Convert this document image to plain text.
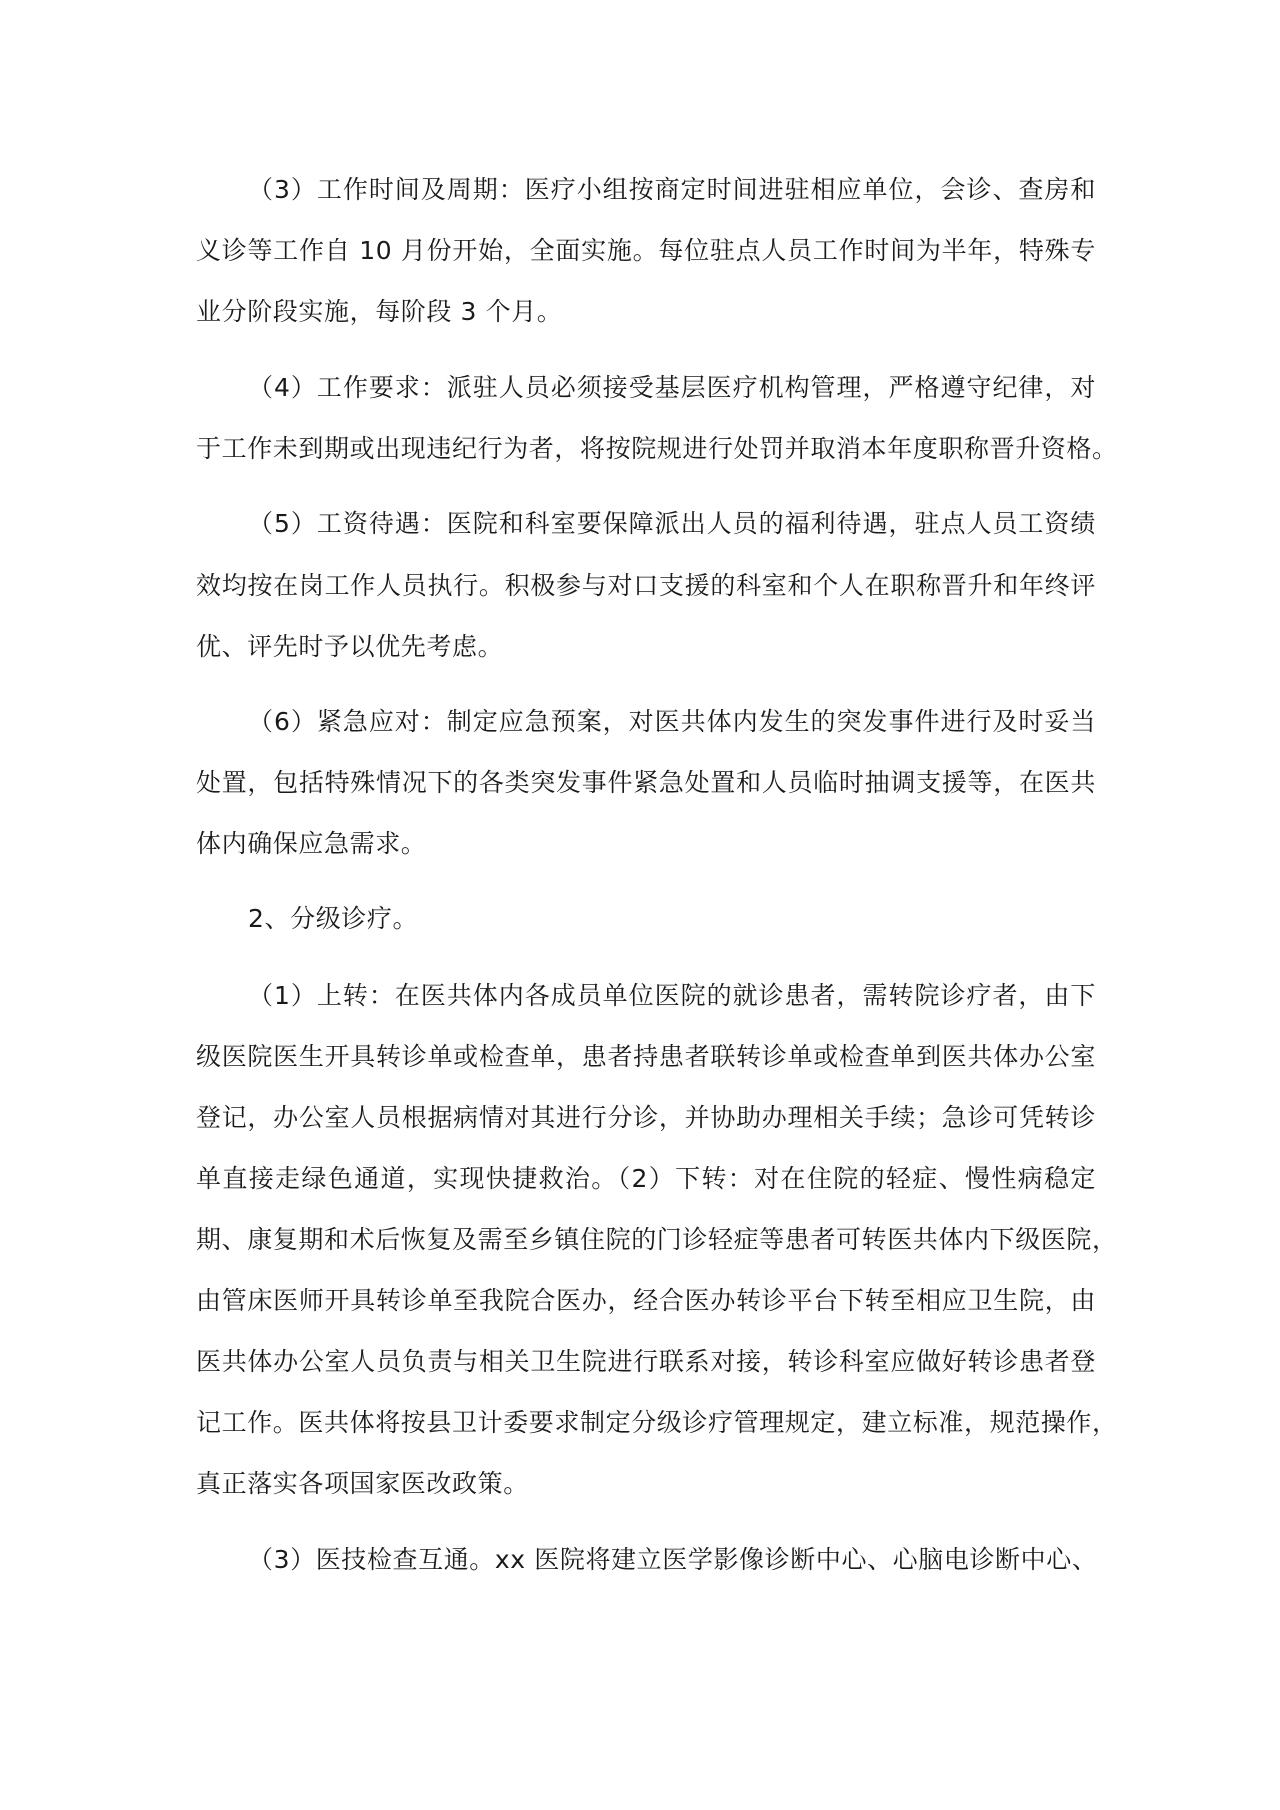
（3）工作时间及周期：医疗小组按商定时间进驻相应单位，会诊、查房和
义诊等工作自 10 月份开始，全面实施。每位驻点人员工作时间为半年，特殊专
业分阶段实施，每阶段 3 个月。
（4）工作要求：派驻人员必须接受基层医疗机构管理，严格遵守纪律，对
于工作未到期或出现违纪行为者，将按院规进行处罚并取消本年度职称晋升资格。
（5）工资待遇：医院和科室要保障派出人员的福利待遇，驻点人员工资绩
效均按在岗工作人员执行。积极参与对口支援的科室和个人在职称晋升和年终评
优、评先时予以优先考虑。
（6）紧急应对：制定应急预案，对医共体内发生的突发事件进行及时妥当
处置，包括特殊情况下的各类突发事件紧急处置和人员临时抽调支援等，在医共
体内确保应急需求。
2、分级诊疗。
（1）上转：在医共体内各成员单位医院的就诊患者，需转院诊疗者，由下
级医院医生开具转诊单或检查单，患者持患者联转诊单或检查单到医共体办公室
登记，办公室人员根据病情对其进行分诊，并协助办理相关手续；急诊可凭转诊
单直接走绿色通道，实现快捷救治。（2）下转：对在住院的轻症、慢性病稳定
期、康复期和术后恢复及需至乡镇住院的门诊轻症等患者可转医共体内下级医院，
由管床医师开具转诊单至我院合医办，经合医办转诊平台下转至相应卫生院，由
医共体办公室人员负责与相关卫生院进行联系对接，转诊科室应做好转诊患者登
记工作。医共体将按县卫计委要求制定分级诊疗管理规定，建立标准，规范操作，
真正落实各项国家医改政策。
（3）医技检查互通。xx 医院将建立医学影像诊断中心、心脑电诊断中心、
